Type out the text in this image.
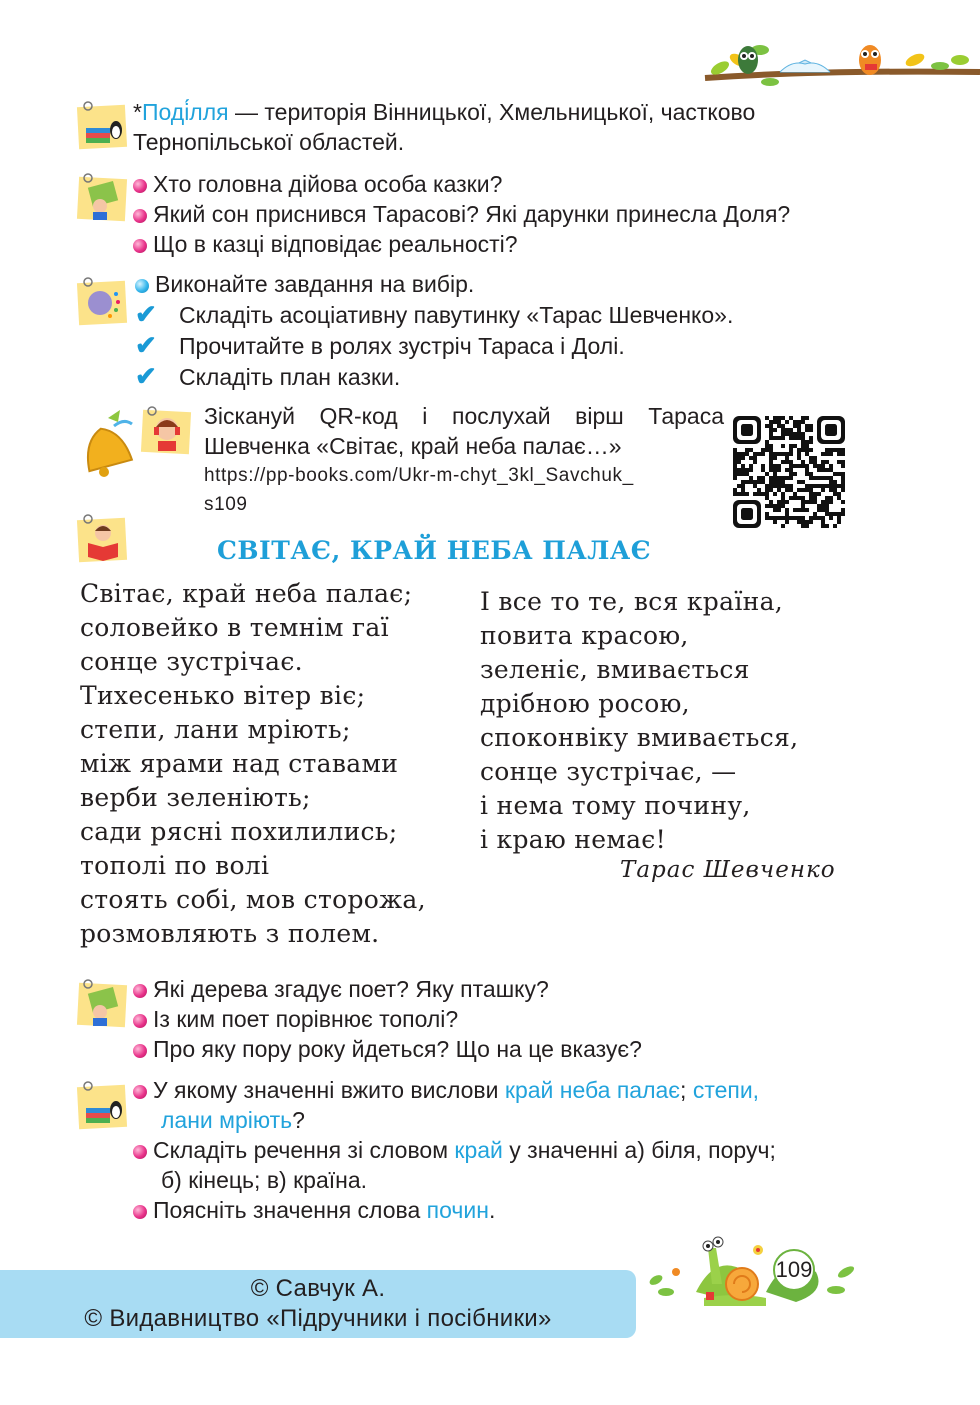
*Поді́лля — територія Вінницької, Хмельницької, частково
Тернопільської областей.
Хто головна дійова особа казки?
Який сон приснився Тарасові? Які дарунки принесла Доля?
Що в казці відповідає реальності?
Виконайте завдання на вибір.
✔ Складіть асоціативну павутинку «Тарас Шевченко».
✔ Прочитайте в ролях зустріч Тараса і Долі.
✔ Складіть план казки.
Зіскануй QR-код і послухай вірш Тараса
Шевченка «Світає, край неба палає…»
https://pp-books.com/Ukr-m-chyt_3kl_Savchuk_
s109
СВІТАЄ, КРАЙ НЕБА ПАЛАЄ
Світає, край неба палає;
соловейко в темнім гаї
сонце зустрічає.
Тихесенько вітер віє;
степи, лани мріють;
між ярами над ставами
верби зеленіють;
сади рясні похилились;
тополі по волі
стоять собі, мов сторожа,
розмовляють з полем.
І все то те, вся країна,
повита красою,
зеленіє, вмивається
дрібною росою,
споконвіку вмивається,
сонце зустрічає, —
і нема тому почину,
і краю немає!
Тарас Шевченко
Які дерева згадує поет? Яку пташку?
Із ким поет порівнює тополі?
Про яку пору року йдеться? Що на це вказує?
У якому значенні вжито вислови край неба палає; степи,
лани мріють?
Складіть речення зі словом край у значенні а) біля, поруч;
б) кінець; в) країна.
Поясніть значення слова почин.
© Савчук А.
© Видавництво «Підручники і посібники»
109
